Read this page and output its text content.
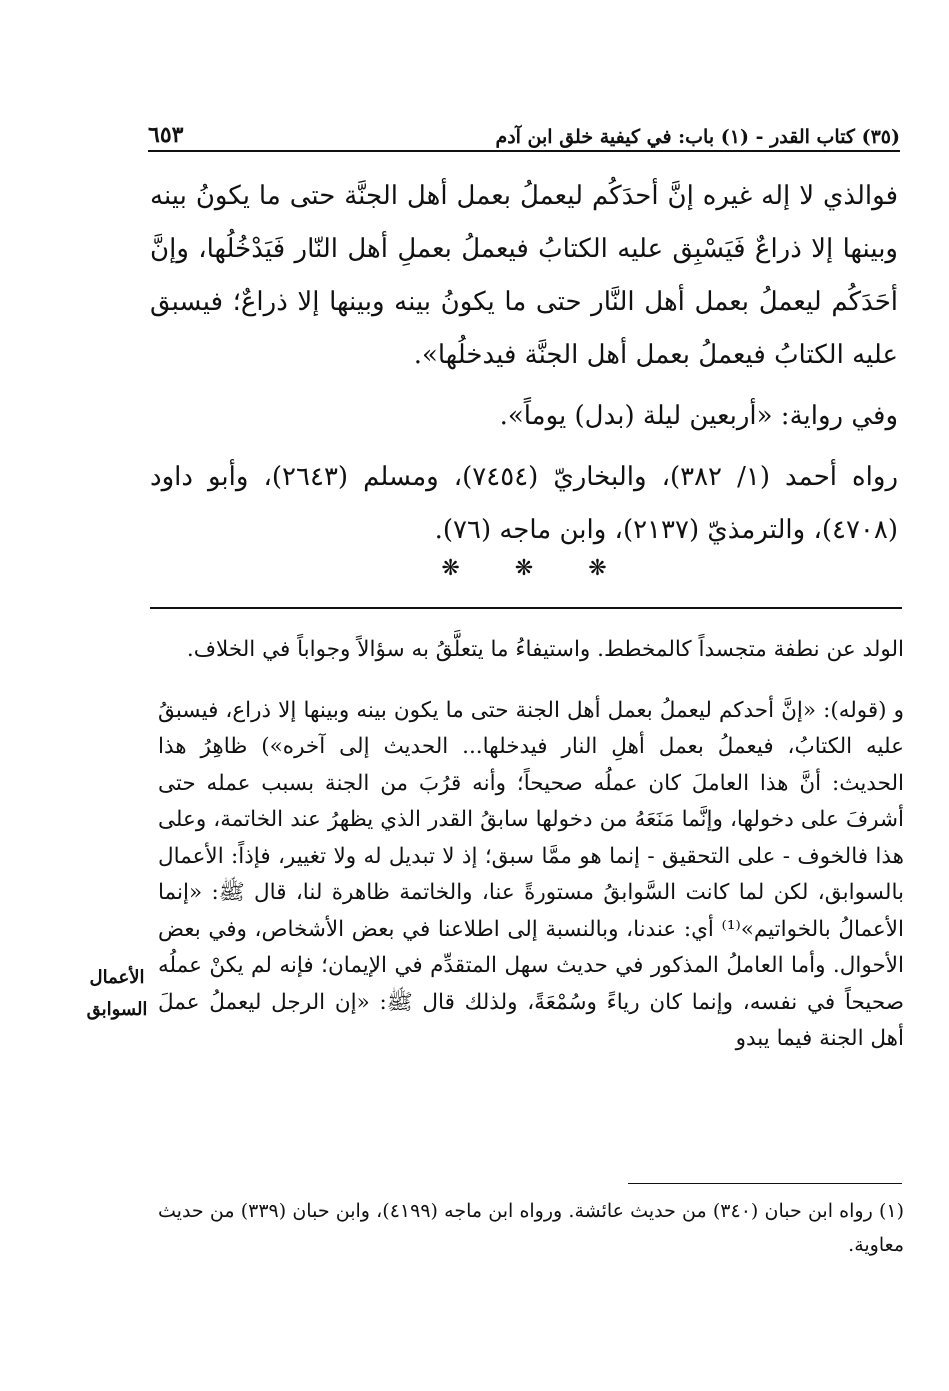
(٣٥) كتاب القدر - (١) باب: في كيفية خلق ابن آدم
٦٥٣

فوالذي لا إله غيره إنَّ أحدَكُم ليعملُ بعمل أهل الجنَّة حتى ما يكونُ بينه وبينها إلا ذراعٌ فَيَسْبِق عليه الكتابُ فيعملُ بعملِ أهل النّار فَيَدْخُلُها، وإنَّ أحَدَكُم ليعملُ بعمل أهل النَّار حتى ما يكونُ بينه وبينها إلا ذراعٌ؛ فيسبق عليه الكتابُ فيعملُ بعمل أهل الجنَّة فيدخلُها».

وفي رواية: «أربعين ليلة (بدل) يوماً».

رواه أحمد (١/ ٣٨٢)، والبخاريّ (٧٤٥٤)، ومسلم (٢٦٤٣)، وأبو داود (٤٧٠٨)، والترمذيّ (٢١٣٧)، وابن ماجه (٧٦).

❋
❋
❋

الولد عن نطفة متجسداً كالمخطط. واستيفاءُ ما يتعلَّقُ به سؤالاً وجواباً في الخلاف.

و (قوله): «إنَّ أحدكم ليعملُ بعمل أهل الجنة حتى ما يكون بينه وبينها إلا ذراع، فيسبقُ عليه الكتابُ، فيعملُ بعمل أهلِ النار فيدخلها... الحديث إلى آخره») ظاهِرُ هذا الحديث: أنَّ هذا العاملَ كان عملُه صحيحاً؛ وأنه قرُبَ من الجنة بسبب عمله حتى أشرفَ على دخولها، وإنَّما مَنَعَهُ من دخولها سابقُ القدر الذي يظهرُ عند الخاتمة، وعلى هذا فالخوف - على التحقيق - إنما هو ممَّا سبق؛ إذ لا تبديل له ولا تغيير، فإذاً: الأعمال بالسوابق، لكن لما كانت السَّوابقُ مستورةً عنا، والخاتمة ظاهرة لنا، قال ﷺ: «إنما الأعمالُ بالخواتيم»⁽¹⁾ أي: عندنا، وبالنسبة إلى اطلاعنا في بعض الأشخاص، وفي بعض الأحوال. وأما العاملُ المذكور في حديث سهل المتقدِّم في الإيمان؛ فإنه لم يكنْ عملُه صحيحاً في نفسه، وإنما كان رياءً وسُمْعَةً، ولذلك قال ﷺ: «إن الرجل ليعملُ عملَ أهل الجنة فيما يبدو

الأعمال
السوابق

(١) رواه ابن حبان (٣٤٠) من حديث عائشة. ورواه ابن ماجه (٤١٩٩)، وابن حبان (٣٣٩) من حديث معاوية.
